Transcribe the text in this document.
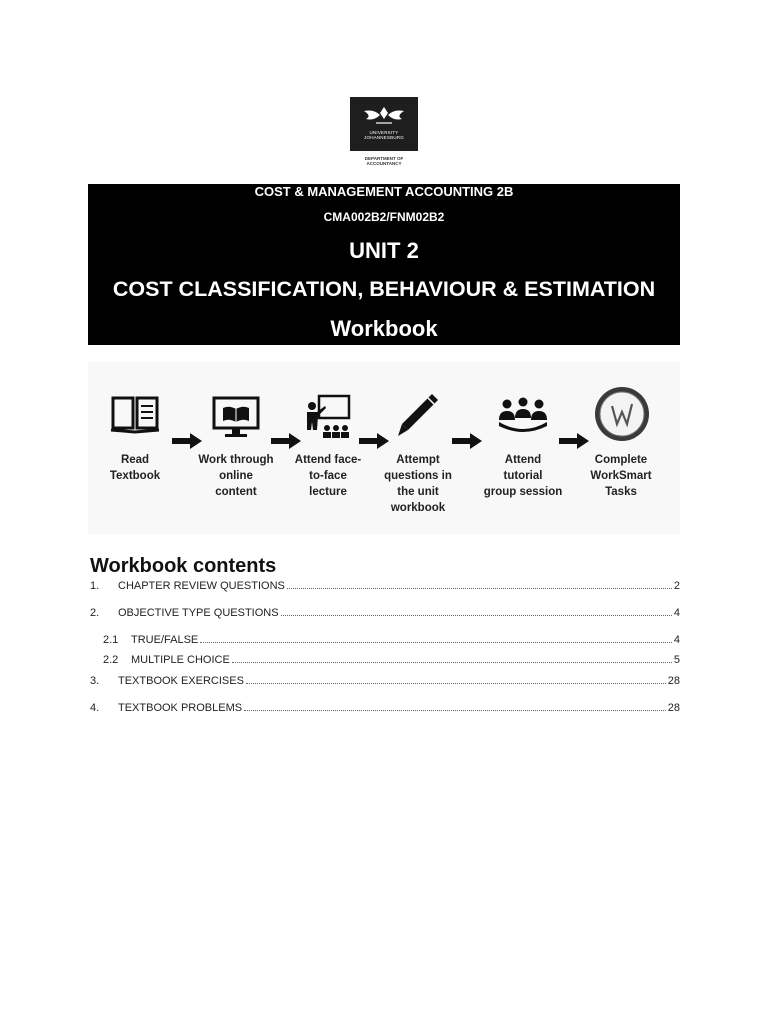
UNIVERSITY
JOHANNESBURG
DEPARTMENT OF
ACCOUNTANCY
COST & MANAGEMENT ACCOUNTING 2B
CMA002B2/FNM02B2
UNIT 2
COST CLASSIFICATION, BEHAVIOUR & ESTIMATION
Workbook
Read
Textbook
Work through
online
content
Attend face-
to-face
lecture
Attempt
questions in
the unit
workbook
Attend
tutorial
group session
Complete
WorkSmart
Tasks
Workbook contents
1.	CHAPTER REVIEW QUESTIONS	2
2.	OBJECTIVE TYPE QUESTIONS	4
2.1	TRUE/FALSE	4
2.2	MULTIPLE CHOICE	5
3.	TEXTBOOK EXERCISES	28
4.	TEXTBOOK PROBLEMS	28
